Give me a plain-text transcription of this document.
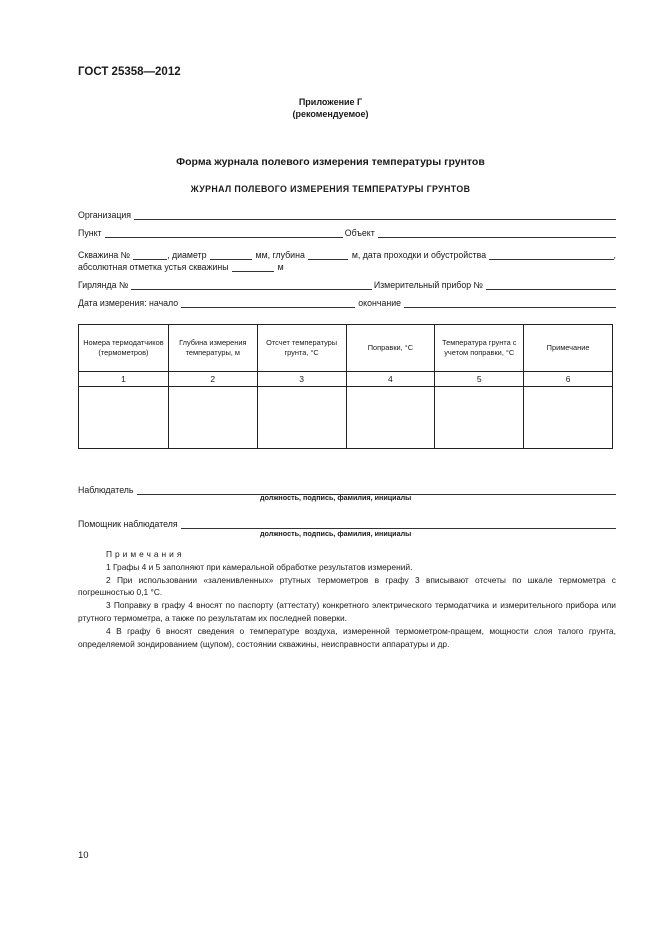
ГОСТ 25358—2012
Приложение Г
(рекомендуемое)
Форма журнала полевого измерения температуры грунтов
ЖУРНАЛ ПОЛЕВОГО ИЗМЕРЕНИЯ ТЕМПЕРАТУРЫ ГРУНТОВ
Организация
Пункт	Объект
Скважина №	, диаметр	мм, глубина	м, дата проходки и обустройства	,
абсолютная отметка устья скважины	м
Гирлянда №	Измерительный прибор №
Дата измерения: начало	окончание
Номера термодатчиков (термометров)	Глубина измерения температуры, м	Отсчет температуры грунта, °С	Поправки, °С	Температура грунта с учетом поправки, °С	Примечание
1	2	3	4	5	6

Наблюдатель
должность, подпись, фамилия, инициалы
Помощник наблюдателя
должность, подпись, фамилия, инициалы

Примечания

1 Графы 4 и 5 заполняют при камеральной обработке результатов измерений.

2 При использовании «заленивленных» ртутных термометров в графу 3 вписывают отсчеты по шкале термометра с погрешностью 0,1 °С.

3 Поправку в графу 4 вносят по паспорту (аттестату) конкретного электрического термодатчика и измерительного прибора или ртутного термометра, а также по результатам их последней поверки.

4 В графу 6 вносят сведения о температуре воздуха, измеренной термометром-пращем, мощности слоя талого грунта, определяемой зондированием (щупом), состоянии скважины, неисправности аппаратуры и др.

10
